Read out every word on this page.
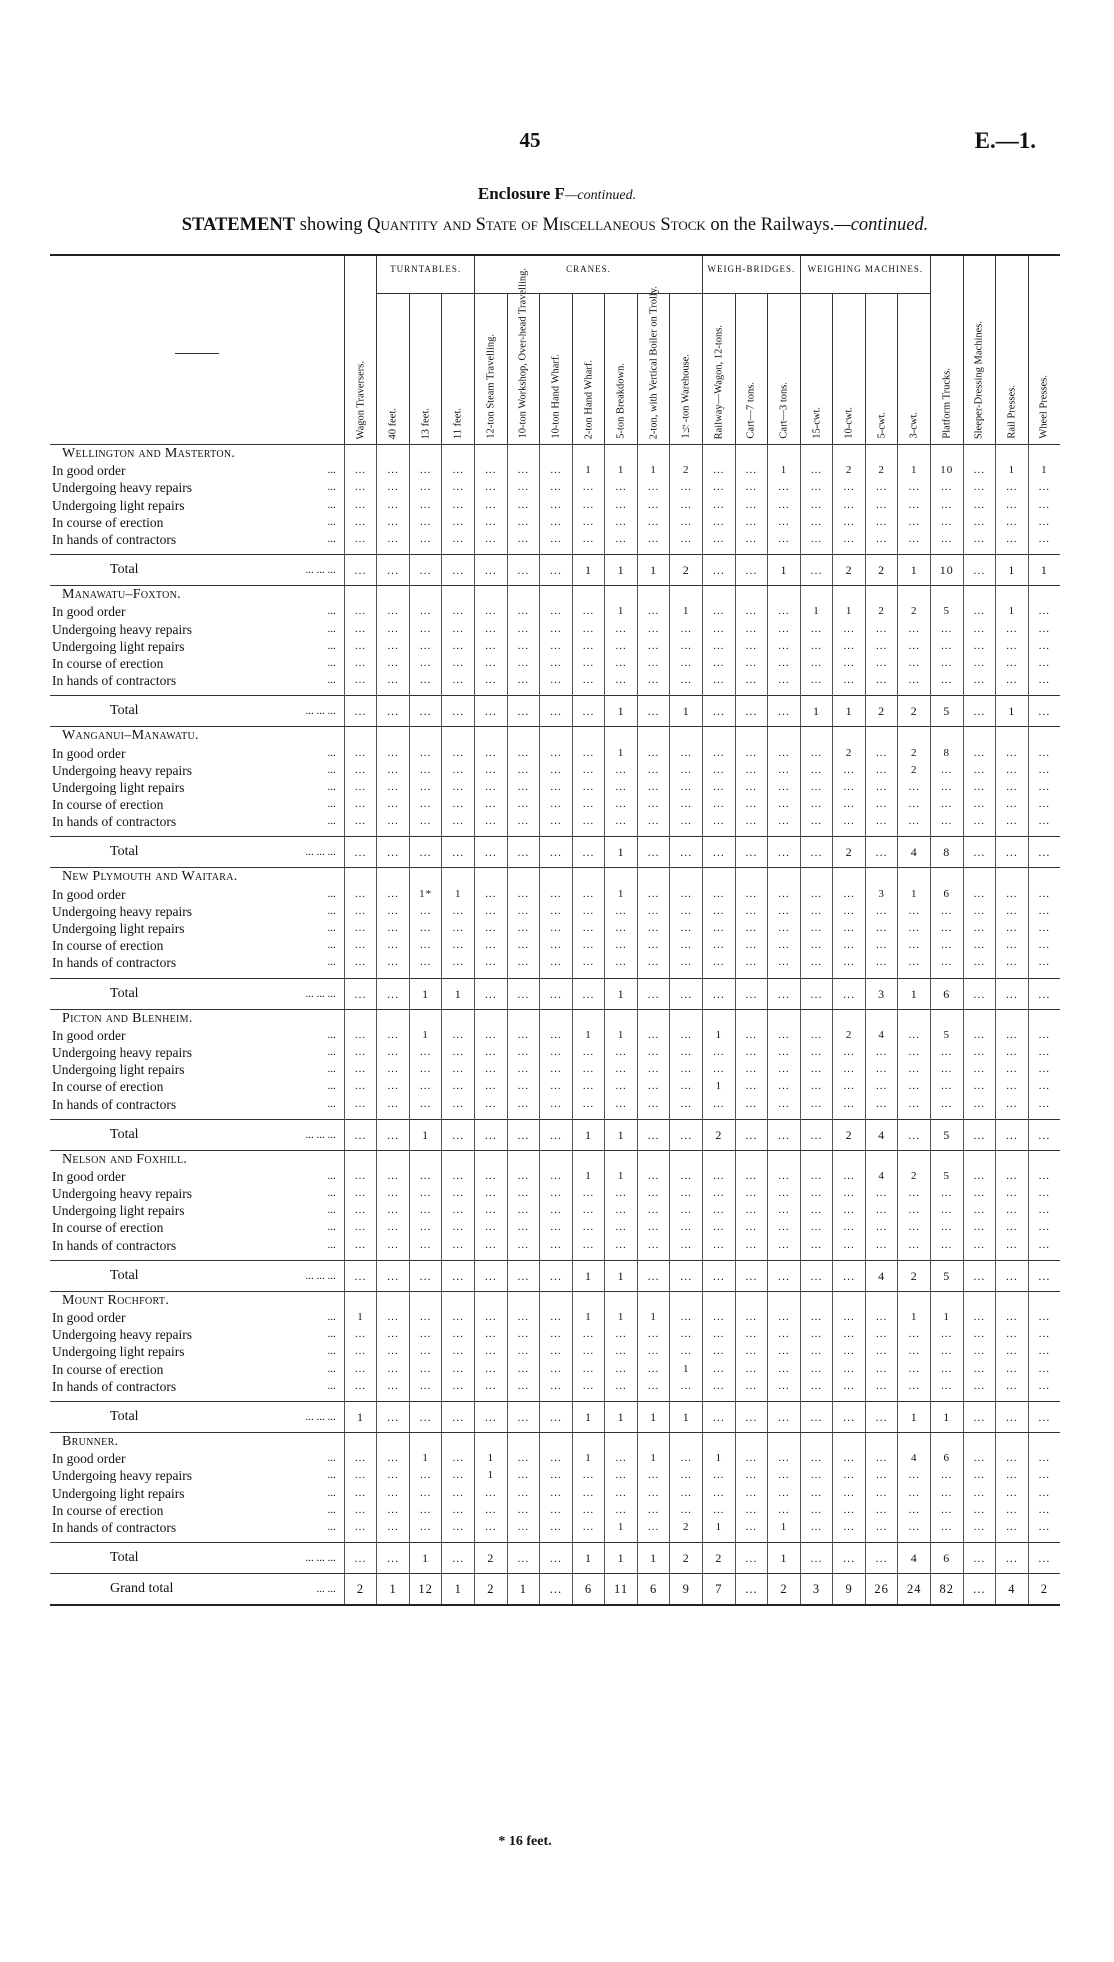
45	E.—1.
Enclosure F—continued.
STATEMENT showing Quantity and State of Miscellaneous Stock on the Railways.—continued.

	Wagon Traversers.	TURNTABLES.			CRANES.							WEIGH-BRIDGES.			WEIGHING MACHINES.				Platform Trucks.	Sleeper-Dressing Machines.	Rail Presses.	Wheel Presses.

		40 feet.	13 feet.	11 feet.	12-ton Steam Travelling.	10-ton Workshop, Over-head Travelling.	10-ton Hand Wharf.	2-ton Hand Wharf.	5-ton Breakdown.	2-ton, with Vertical Boiler on Trolly.	1½-ton Warehouse.	Railway—Wagon, 12-tons.	Cart—7 tons.	Cart—3 tons.	15-cwt.	10-cwt.	5-cwt.	3-cwt.				

Wellington and Masterton.																						
In good order ...	...	...	...	...	...	...	...	1	1	1	2	...	...	1	...	2	2	1	10	...	1	1
Undergoing heavy repairs ...	...	...	...	...	...	...	...	...	...	...	...	...	...	...	...	...	...	...	...	...	...	...
Undergoing light repairs ...	...	...	...	...	...	...	...	...	...	...	...	...	...	...	...	...	...	...	...	...	...	...
In course of erection ...	...	...	...	...	...	...	...	...	...	...	...	...	...	...	...	...	...	...	...	...	...	...
In hands of contractors ...	...	...	...	...	...	...	...	...	...	...	...	...	...	...	...	...	...	...	...	...	...	...

Total ... ... ...	...	...	...	...	...	...	...	1	1	1	2	...	...	1	...	2	2	1	10	...	1	1
Manawatu–Foxton.																						
In good order ...	...	...	...	...	...	...	...	...	1	...	1	...	...	...	1	1	2	2	5	...	1	...
Undergoing heavy repairs ...	...	...	...	...	...	...	...	...	...	...	...	...	...	...	...	...	...	...	...	...	...	...
Undergoing light repairs ...	...	...	...	...	...	...	...	...	...	...	...	...	...	...	...	...	...	...	...	...	...	...
In course of erection ...	...	...	...	...	...	...	...	...	...	...	...	...	...	...	...	...	...	...	...	...	...	...
In hands of contractors ...	...	...	...	...	...	...	...	...	...	...	...	...	...	...	...	...	...	...	...	...	...	...

Total ... ... ...	...	...	...	...	...	...	...	...	1	...	1	...	...	...	1	1	2	2	5	...	1	...
Wanganui–Manawatu.																						
In good order ...	...	...	...	...	...	...	...	...	1	...	...	...	...	...	...	2	...	2	8	...	...	...
Undergoing heavy repairs ...	...	...	...	...	...	...	...	...	...	...	...	...	...	...	...	...	...	2	...	...	...	...
Undergoing light repairs ...	...	...	...	...	...	...	...	...	...	...	...	...	...	...	...	...	...	...	...	...	...	...
In course of erection ...	...	...	...	...	...	...	...	...	...	...	...	...	...	...	...	...	...	...	...	...	...	...
In hands of contractors ...	...	...	...	...	...	...	...	...	...	...	...	...	...	...	...	...	...	...	...	...	...	...

Total ... ... ...	...	...	...	...	...	...	...	...	1	...	...	...	...	...	...	2	...	4	8	...	...	...
New Plymouth and Waitara.																						
In good order ...	...	...	1*	1	...	...	...	...	1	...	...	...	...	...	...	...	3	1	6	...	...	...
Undergoing heavy repairs ...	...	...	...	...	...	...	...	...	...	...	...	...	...	...	...	...	...	...	...	...	...	...
Undergoing light repairs ...	...	...	...	...	...	...	...	...	...	...	...	...	...	...	...	...	...	...	...	...	...	...
In course of erection ...	...	...	...	...	...	...	...	...	...	...	...	...	...	...	...	...	...	...	...	...	...	...
In hands of contractors ...	...	...	...	...	...	...	...	...	...	...	...	...	...	...	...	...	...	...	...	...	...	...

Total ... ... ...	...	...	1	1	...	...	...	...	1	...	...	...	...	...	...	...	3	1	6	...	...	...
Picton and Blenheim.																						
In good order ...	...	...	1	...	...	...	...	1	1	...	...	1	...	...	...	2	4	...	5	...	...	...
Undergoing heavy repairs ...	...	...	...	...	...	...	...	...	...	...	...	...	...	...	...	...	...	...	...	...	...	...
Undergoing light repairs ...	...	...	...	...	...	...	...	...	...	...	...	...	...	...	...	...	...	...	...	...	...	...
In course of erection ...	...	...	...	...	...	...	...	...	...	...	...	1	...	...	...	...	...	...	...	...	...	...
In hands of contractors ...	...	...	...	...	...	...	...	...	...	...	...	...	...	...	...	...	...	...	...	...	...	...

Total ... ... ...	...	...	1	...	...	...	...	1	1	...	...	2	...	...	...	2	4	...	5	...	...	...
Nelson and Foxhill.																						
In good order ...	...	...	...	...	...	...	...	1	1	...	...	...	...	...	...	...	4	2	5	...	...	...
Undergoing heavy repairs ...	...	...	...	...	...	...	...	...	...	...	...	...	...	...	...	...	...	...	...	...	...	...
Undergoing light repairs ...	...	...	...	...	...	...	...	...	...	...	...	...	...	...	...	...	...	...	...	...	...	...
In course of erection ...	...	...	...	...	...	...	...	...	...	...	...	...	...	...	...	...	...	...	...	...	...	...
In hands of contractors ...	...	...	...	...	...	...	...	...	...	...	...	...	...	...	...	...	...	...	...	...	...	...

Total ... ... ...	...	...	...	...	...	...	...	1	1	...	...	...	...	...	...	...	4	2	5	...	...	...
Mount Rochfort.																						
In good order ...	1	...	...	...	...	...	...	1	1	1	...	...	...	...	...	...	...	1	1	...	...	...
Undergoing heavy repairs ...	...	...	...	...	...	...	...	...	...	...	...	...	...	...	...	...	...	...	...	...	...	...
Undergoing light repairs ...	...	...	...	...	...	...	...	...	...	...	...	...	...	...	...	...	...	...	...	...	...	...
In course of erection ...	...	...	...	...	...	...	...	...	...	...	1	...	...	...	...	...	...	...	...	...	...	...
In hands of contractors ...	...	...	...	...	...	...	...	...	...	...	...	...	...	...	...	...	...	...	...	...	...	...

Total ... ... ...	1	...	...	...	...	...	...	1	1	1	1	...	...	...	...	...	...	1	1	...	...	...
Brunner.																						
In good order ...	...	...	1	...	1	...	...	1	...	1	...	1	...	...	...	...	...	4	6	...	...	...
Undergoing heavy repairs ...	...	...	...	...	1	...	...	...	...	...	...	...	...	...	...	...	...	...	...	...	...	...
Undergoing light repairs ...	...	...	...	...	...	...	...	...	...	...	...	...	...	...	...	...	...	...	...	...	...	...
In course of erection ...	...	...	...	...	...	...	...	...	...	...	...	...	...	...	...	...	...	...	...	...	...	...
In hands of contractors ...	...	...	...	...	...	...	...	...	1	...	2	1	...	1	...	...	...	...	...	...	...	...

Total ... ... ...	...	...	1	...	2	...	...	1	1	1	2	2	...	1	...	...	...	4	6	...	...	...
Grand total ... ...	2	1	12	1	2	1	...	6	11	6	9	7	...	2	3	9	26	24	82	...	4	2
* 16 feet.
